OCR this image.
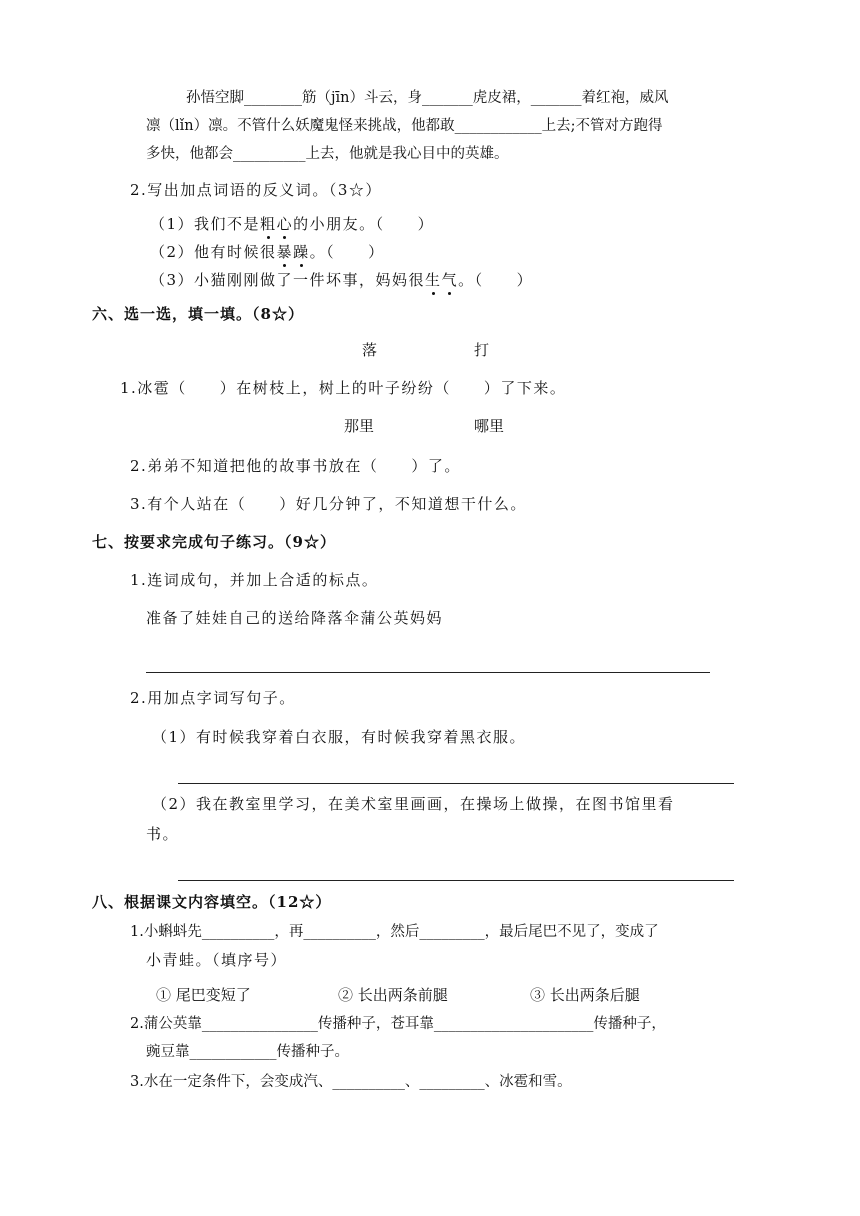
孙悟空脚________筋（jīn）斗云，身_______虎皮裙，_______着红袍，威风
凛（lǐn）凛。不管什么妖魔鬼怪来挑战，他都敢____________上去;不管对方跑得
多快，他都会__________上去，他就是我心目中的英雄。
2.写出加点词语的反义词。（3☆）
（1）我们不是粗心的小朋友。（　　）
（2）他有时候很暴躁。（　　）
（3）小猫刚刚做了一件坏事，妈妈很生气。（　　）
六、选一选，填一填。（8☆）
落	打
1.冰雹（　　）在树枝上，树上的叶子纷纷（　　）了下来。
那里	哪里
2.弟弟不知道把他的故事书放在（　　）了。
3.有个人站在（　　）好几分钟了，不知道想干什么。
七、按要求完成句子练习。（9☆）
1.连词成句，并加上合适的标点。
准备了娃娃自己的送给降落伞蒲公英妈妈
2.用加点字词写句子。
（1）有时候我穿着白衣服，有时候我穿着黑衣服。
（2）我在教室里学习，在美术室里画画，在操场上做操，在图书馆里看
书。
八、根据课文内容填空。（12☆）
1.小蝌蚪先__________，再__________，然后_________，最后尾巴不见了，变成了
小青蛙。（填序号）
① 尾巴变短了	② 长出两条前腿	③ 长出两条后腿
2.蒲公英靠________________传播种子，苍耳靠______________________传播种子，
豌豆靠____________传播种子。
3.水在一定条件下，会变成汽、__________、_________、冰雹和雪。
